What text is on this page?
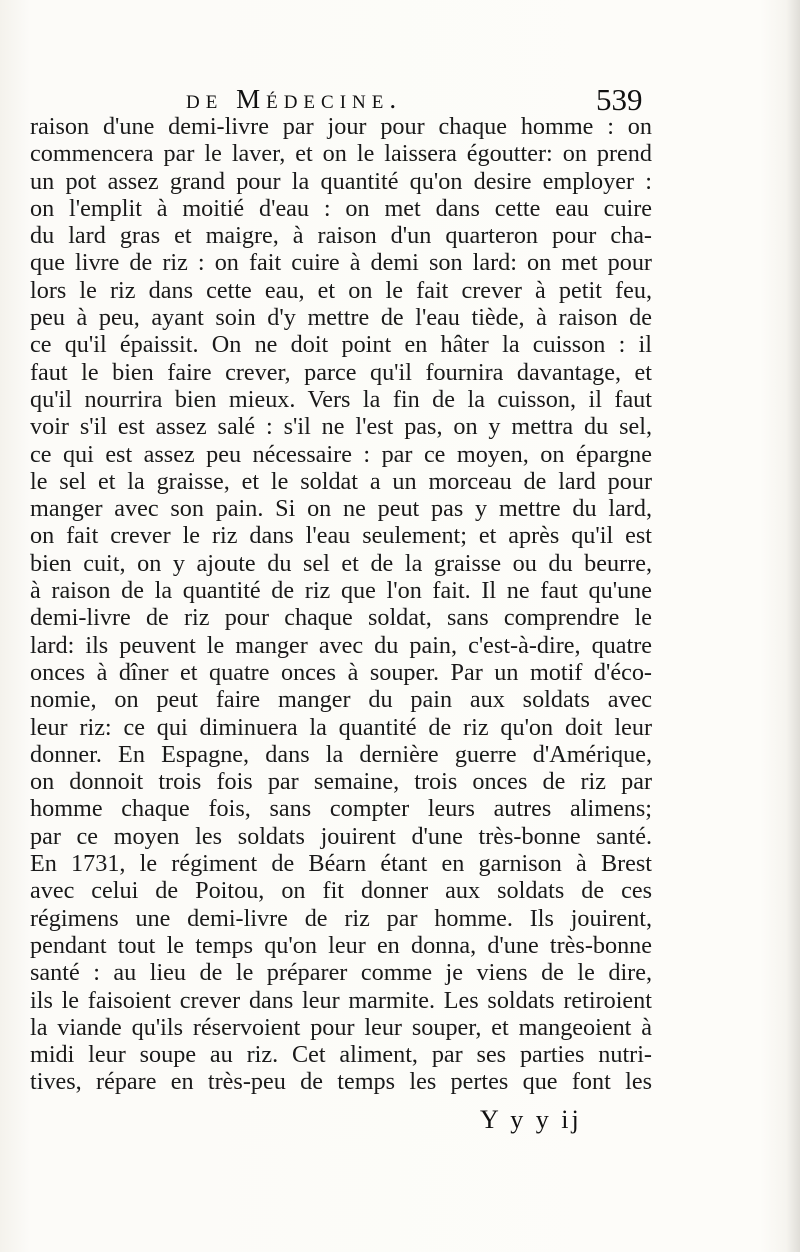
de Médecine.	539
raison d'une demi-livre par jour pour chaque homme : on
commencera par le laver, et on le laissera égoutter: on prend
un pot assez grand pour la quantité qu'on desire employer :
on l'emplit à moitié d'eau : on met dans cette eau cuire
du lard gras et maigre, à raison d'un quarteron pour cha-
que livre de riz : on fait cuire à demi son lard: on met pour
lors le riz dans cette eau, et on le fait crever à petit feu,
peu à peu, ayant soin d'y mettre de l'eau tiède, à raison de
ce qu'il épaissit. On ne doit point en hâter la cuisson : il
faut le bien faire crever, parce qu'il fournira davantage, et
qu'il nourrira bien mieux. Vers la fin de la cuisson, il faut
voir s'il est assez salé : s'il ne l'est pas, on y mettra du sel,
ce qui est assez peu nécessaire : par ce moyen, on épargne
le sel et la graisse, et le soldat a un morceau de lard pour
manger avec son pain. Si on ne peut pas y mettre du lard,
on fait crever le riz dans l'eau seulement; et après qu'il est
bien cuit, on y ajoute du sel et de la graisse ou du beurre,
à raison de la quantité de riz que l'on fait. Il ne faut qu'une
demi-livre de riz pour chaque soldat, sans comprendre le
lard: ils peuvent le manger avec du pain, c'est-à-dire, quatre
onces à dîner et quatre onces à souper. Par un motif d'éco-
nomie, on peut faire manger du pain aux soldats avec
leur riz: ce qui diminuera la quantité de riz qu'on doit leur
donner. En Espagne, dans la dernière guerre d'Amérique,
on donnoit trois fois par semaine, trois onces de riz par
homme chaque fois, sans compter leurs autres alimens;
par ce moyen les soldats jouirent d'une très-bonne santé.
En 1731, le régiment de Béarn étant en garnison à Brest
avec celui de Poitou, on fit donner aux soldats de ces
régimens une demi-livre de riz par homme. Ils jouirent,
pendant tout le temps qu'on leur en donna, d'une très-bonne
santé : au lieu de le préparer comme je viens de le dire,
ils le faisoient crever dans leur marmite. Les soldats retiroient
la viande qu'ils réservoient pour leur souper, et mangeoient à
midi leur soupe au riz. Cet aliment, par ses parties nutri-
tives, répare en très-peu de temps les pertes que font les
Y y y ij
